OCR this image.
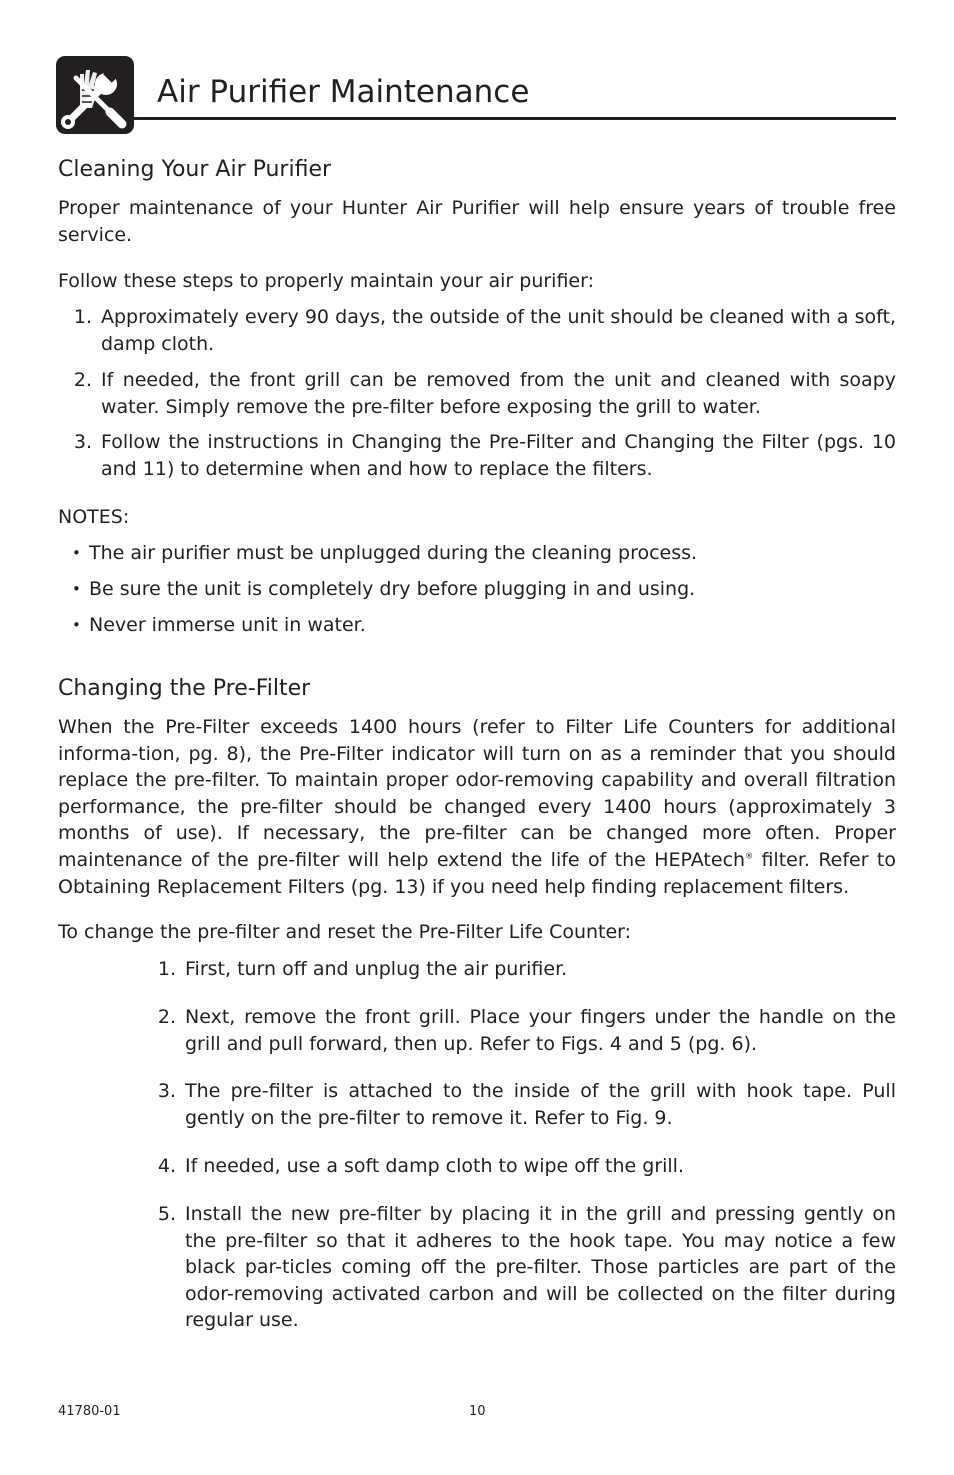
Air Purifier Maintenance
Cleaning Your Air Purifier
Proper maintenance of your Hunter Air Purifier will help ensure years of trouble free service.
Follow these steps to properly maintain your air purifier:
1. Approximately every 90 days, the outside of the unit should be cleaned with a soft, damp cloth.
2. If needed, the front grill can be removed from the unit and cleaned with soapy water. Simply remove the pre-filter before exposing the grill to water.
3. Follow the instructions in Changing the Pre-Filter and Changing the Filter (pgs. 10 and 11) to determine when and how to replace the filters.
NOTES:
• The air purifier must be unplugged during the cleaning process.
• Be sure the unit is completely dry before plugging in and using.
• Never immerse unit in water.
Changing the Pre-Filter
When the Pre-Filter exceeds 1400 hours (refer to Filter Life Counters for additional informa-tion, pg. 8), the Pre-Filter indicator will turn on as a reminder that you should replace the pre-filter. To maintain proper odor-removing capability and overall filtration performance, the pre-filter should be changed every 1400 hours (approximately 3 months of use). If necessary, the pre-filter can be changed more often. Proper maintenance of the pre-filter will help extend the life of the HEPAtech® filter. Refer to Obtaining Replacement Filters (pg. 13) if you need help finding replacement filters.
To change the pre-filter and reset the Pre-Filter Life Counter:
1. First, turn off and unplug the air purifier.
2. Next, remove the front grill. Place your fingers under the handle on the grill and pull forward, then up. Refer to Figs. 4 and 5 (pg. 6).
3. The pre-filter is attached to the inside of the grill with hook tape. Pull gently on the pre-filter to remove it. Refer to Fig. 9.
4. If needed, use a soft damp cloth to wipe off the grill.
5. Install the new pre-filter by placing it in the grill and pressing gently on the pre-filter so that it adheres to the hook tape. You may notice a few black par-ticles coming off the pre-filter. Those particles are part of the odor-removing activated carbon and will be collected on the filter during regular use.
41780-01	10
